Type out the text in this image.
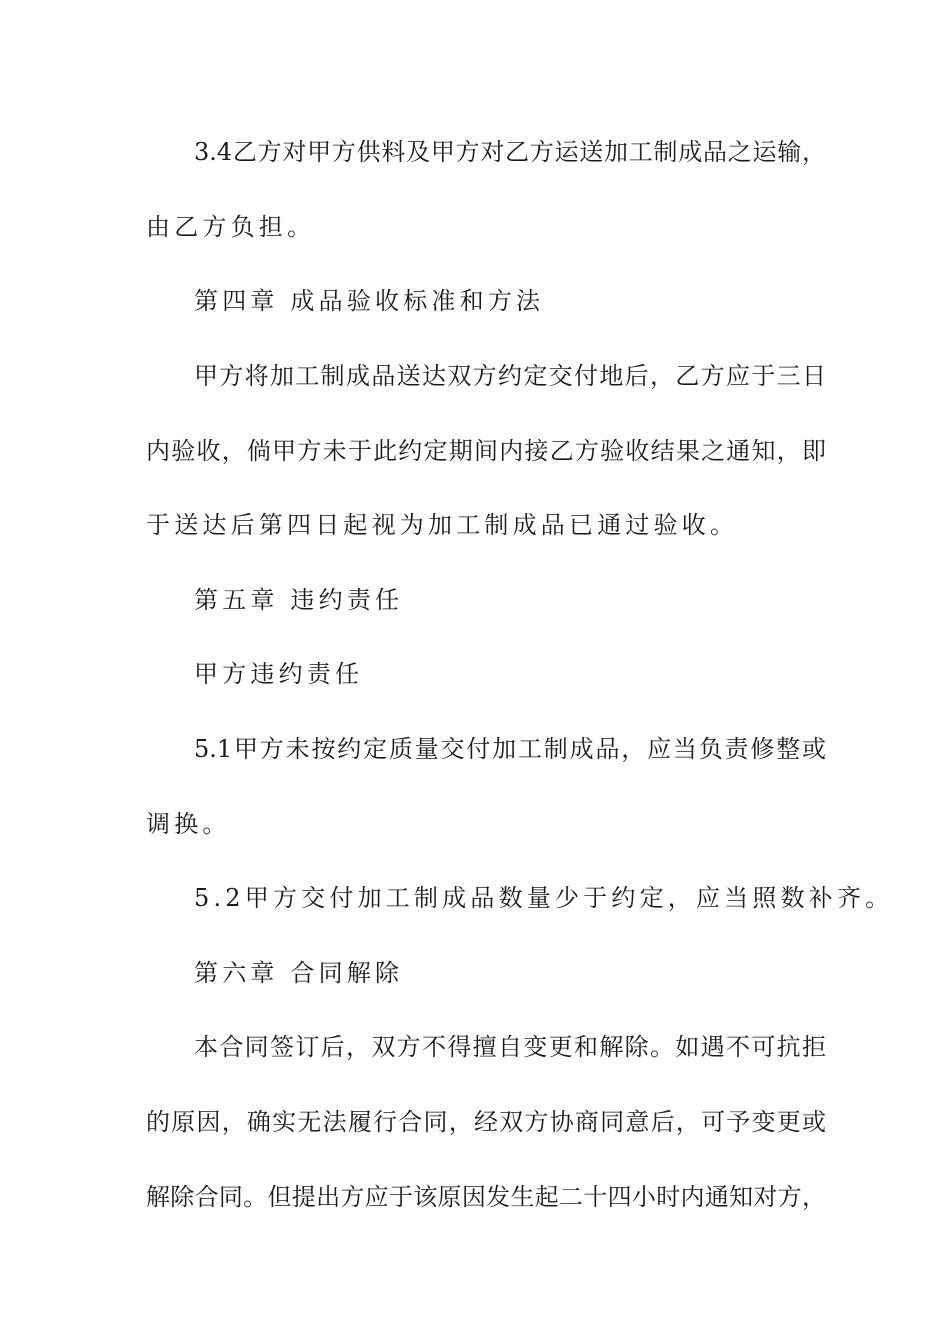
3.4乙方对甲方供料及甲方对乙方运送加工制成品之运输，
由乙方负担。
第四章 成品验收标准和方法
甲方将加工制成品送达双方约定交付地后，乙方应于三日
内验收，倘甲方未于此约定期间内接乙方验收结果之通知，即
于送达后第四日起视为加工制成品已通过验收。
第五章 违约责任
甲方违约责任
5.1甲方未按约定质量交付加工制成品，应当负责修整或
调换。
5.2甲方交付加工制成品数量少于约定，应当照数补齐。
第六章 合同解除
本合同签订后，双方不得擅自变更和解除。如遇不可抗拒
的原因，确实无法履行合同，经双方协商同意后，可予变更或
解除合同。但提出方应于该原因发生起二十四小时内通知对方，
